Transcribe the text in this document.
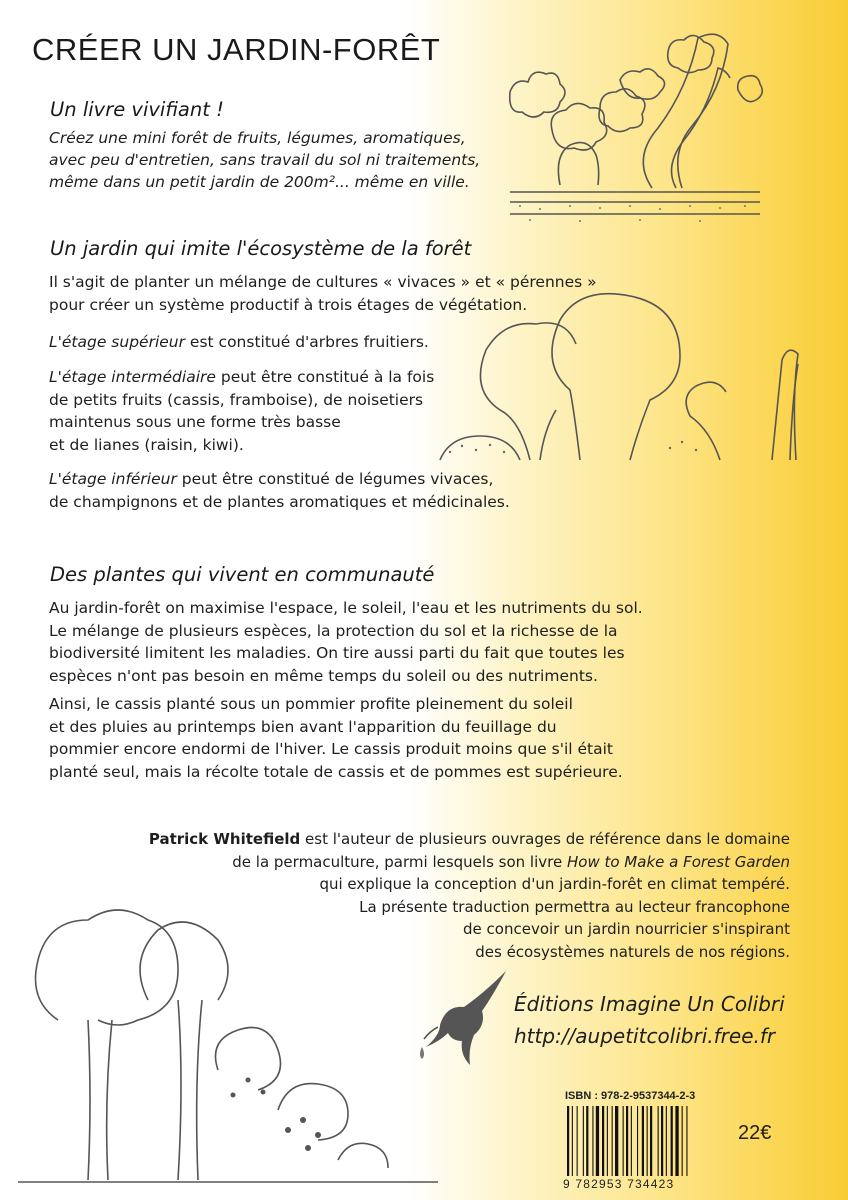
CRÉER UN JARDIN-FORÊT
Un livre vivifiant !
Créez une mini forêt de fruits, légumes, aromatiques,
avec peu d'entretien, sans travail du sol ni traitements,
même dans un petit jardin de 200m²... même en ville.
Un jardin qui imite l'écosystème de la forêt
Il s'agit de planter un mélange de cultures « vivaces » et « pérennes »
pour créer un système productif à trois étages de végétation.
L'étage supérieur est constitué d'arbres fruitiers.
L'étage intermédiaire peut être constitué à la fois
de petits fruits (cassis, framboise), de noisetiers
maintenus sous une forme très basse
et de lianes (raisin, kiwi).
L'étage inférieur peut être constitué de légumes vivaces,
de champignons et de plantes aromatiques et médicinales.
Des plantes qui vivent en communauté
Au jardin-forêt on maximise l'espace, le soleil, l'eau et les nutriments du sol.
Le mélange de plusieurs espèces, la protection du sol et la richesse de la
biodiversité limitent les maladies. On tire aussi parti du fait que toutes les
espèces n'ont pas besoin en même temps du soleil ou des nutriments.
Ainsi, le cassis planté sous un pommier profite pleinement du soleil
et des pluies au printemps bien avant l'apparition du feuillage du
pommier encore endormi de l'hiver. Le cassis produit moins que s'il était
planté seul, mais la récolte totale de cassis et de pommes est supérieure.
Patrick Whitefield est l'auteur de plusieurs ouvrages de référence dans le domaine
de la permaculture, parmi lesquels son livre How to Make a Forest Garden
qui explique la conception d'un jardin-forêt en climat tempéré.
La présente traduction permettra au lecteur francophone
de concevoir un jardin nourricier s'inspirant
des écosystèmes naturels de nos régions.
Éditions Imagine Un Colibri
http://aupetitcolibri.free.fr
ISBN : 978-2-9537344-2-3
9 782953 734423
22€
